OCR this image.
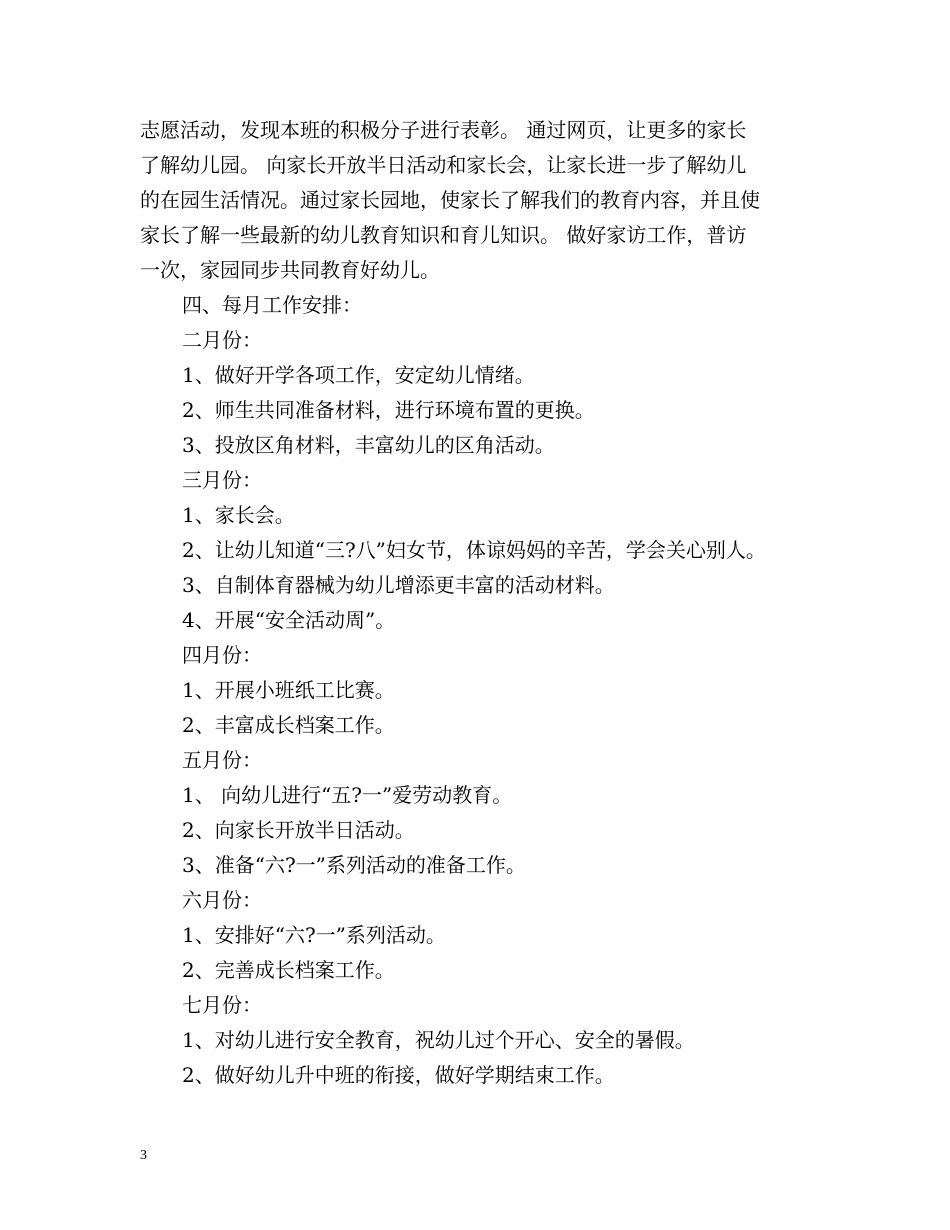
志愿活动，发现本班的积极分子进行表彰。 通过网页，让更多的家长
了解幼儿园。 向家长开放半日活动和家长会，让家长进一步了解幼儿
的在园生活情况。通过家长园地，使家长了解我们的教育内容，并且使
家长了解一些最新的幼儿教育知识和育儿知识。 做好家访工作，普访
一次，家园同步共同教育好幼儿。
四、每月工作安排：
二月份：
1、做好开学各项工作，安定幼儿情绪。
2、师生共同准备材料，进行环境布置的更换。
3、投放区角材料，丰富幼儿的区角活动。
三月份：
1、家长会。
2、让幼儿知道“三?八”妇女节，体谅妈妈的辛苦，学会关心别人。
3、自制体育器械为幼儿增添更丰富的活动材料。
4、开展“安全活动周”。
四月份：
1、开展小班纸工比赛。
2、丰富成长档案工作。
五月份：
1、 向幼儿进行“五?一”爱劳动教育。
2、向家长开放半日活动。
3、准备“六?一”系列活动的准备工作。
六月份：
1、安排好“六?一”系列活动。
2、完善成长档案工作。
七月份：
1、对幼儿进行安全教育，祝幼儿过个开心、安全的暑假。
2、做好幼儿升中班的衔接，做好学期结束工作。
3
